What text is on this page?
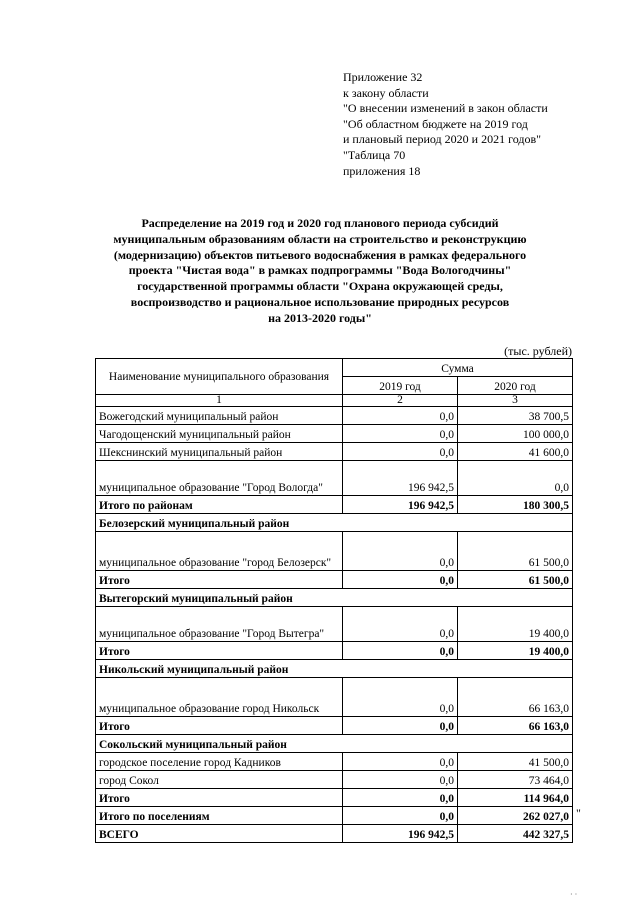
Приложение 32
к закону области
"О внесении изменений в закон области
"Об областном бюджете на 2019 год
и плановый период 2020 и 2021 годов"
"Таблица 70
приложения 18
Распределение на 2019 год и 2020 год планового периода субсидий
муниципальным образованиям области на строительство и реконструкцию
(модернизацию) объектов питьевого водоснабжения в рамках федерального
проекта "Чистая вода" в рамках подпрограммы "Вода Вологодчины"
государственной программы области "Охрана окружающей среды,
воспроизводство и рациональное использование природных ресурсов
на 2013-2020 годы"
(тыс. рублей)
Наименование муниципального образования	Сумма	
	2019 год	2020 год
1	2	3
Вожегодский муниципальный район	0,0	38 700,5
Чагодощенский муниципальный район	0,0	100 000,0
Шекснинский муниципальный район	0,0	41 600,0
муниципальное образование "Город Вологда"	196 942,5	0,0
Итого по районам	196 942,5	180 300,5
Белозерский муниципальный район		
муниципальное образование "город Белозерск"	0,0	61 500,0
Итого	0,0	61 500,0
Вытегорский муниципальный район		
муниципальное образование "Город Вытегра"	0,0	19 400,0
Итого	0,0	19 400,0
Никольский муниципальный район		
муниципальное образование город Никольск	0,0	66 163,0
Итого	0,0	66 163,0
Сокольский муниципальный район		
городское поселение город Кадников	0,0	41 500,0
город Сокол	0,0	73 464,0
Итого	0,0	114 964,0
Итого по поселениям	0,0	262 027,0
ВСЕГО	196 942,5	442 327,5
"
· ·
